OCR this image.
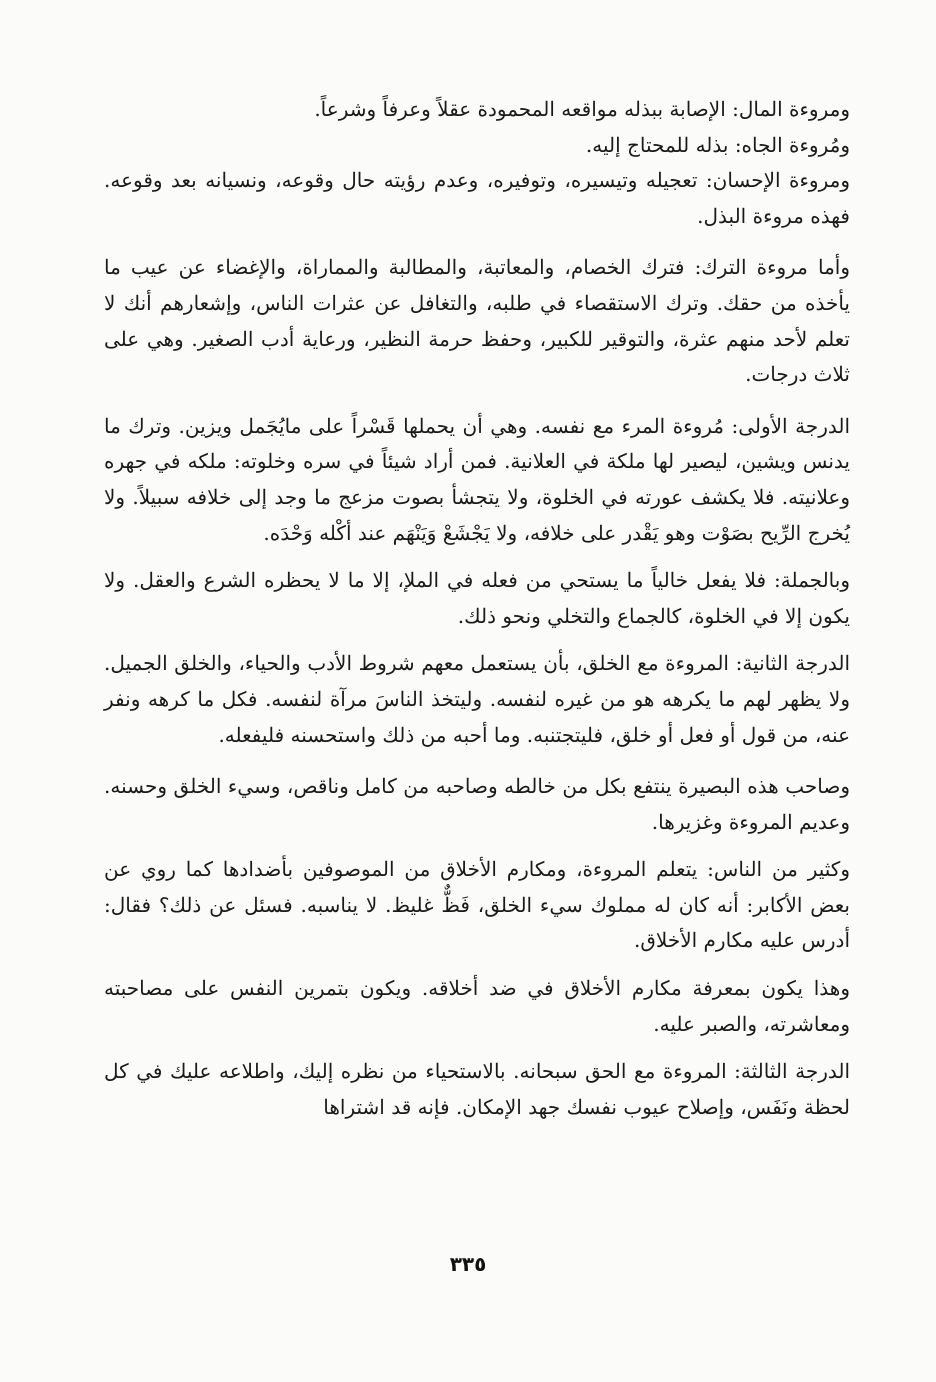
ومروءة المال: الإصابة ببذله مواقعه المحمودة عقلاً وعرفاً وشرعاً.

ومُروءة الجاه: بذله للمحتاج إليه.

ومروءة الإحسان: تعجيله وتيسيره، وتوفيره، وعدم رؤيته حال وقوعه، ونسيانه بعد وقوعه. فهذه مروءة البذل.

وأما مروءة الترك: فترك الخصام، والمعاتبة، والمطالبة والمماراة، والإغضاء عن عيب ما يأخذه من حقك. وترك الاستقصاء في طلبه، والتغافل عن عثرات الناس، وإشعارهم أنك لا تعلم لأحد منهم عثرة، والتوقير للكبير، وحفظ حرمة النظير، ورعاية أدب الصغير. وهي على ثلاث درجات.

الدرجة الأولى: مُروءة المرء مع نفسه. وهي أن يحملها قَسْراً على مايُجَمل ويزين. وترك ما يدنس ويشين، ليصير لها ملكة في العلانية. فمن أراد شيئاً في سره وخلوته: ملكه في جهره وعلانيته. فلا يكشف عورته في الخلوة، ولا يتجشأ بصوت مزعج ما وجد إلى خلافه سبيلاً. ولا يُخرج الرِّيح بصَوْت وهو يَقْدر على خلافه، ولا يَجْشَعْ وَيَنْهَم عند أكْله وَحْدَه.

وبالجملة: فلا يفعل خالياً ما يستحي من فعله في الملإ، إلا ما لا يحظره الشرع والعقل. ولا يكون إلا في الخلوة، كالجماع والتخلي ونحو ذلك.

الدرجة الثانية: المروءة مع الخلق، بأن يستعمل معهم شروط الأدب والحياء، والخلق الجميل. ولا يظهر لهم ما يكرهه هو من غيره لنفسه. وليتخذ الناسَ مرآة لنفسه. فكل ما كرهه ونفر عنه، من قول أو فعل أو خلق، فليتجتنبه. وما أحبه من ذلك واستحسنه فليفعله.

وصاحب هذه البصيرة ينتفع بكل من خالطه وصاحبه من كامل وناقص، وسيء الخلق وحسنه. وعديم المروءة وغزيرها.

وكثير من الناس: يتعلم المروءة، ومكارم الأخلاق من الموصوفين بأضدادها كما روي عن بعض الأكابر: أنه كان له مملوك سيء الخلق، فَظٌّ غليظ. لا يناسبه. فسئل عن ذلك؟ فقال: أدرس عليه مكارم الأخلاق.

وهذا يكون بمعرفة مكارم الأخلاق في ضد أخلاقه. ويكون بتمرين النفس على مصاحبته ومعاشرته، والصبر عليه.

الدرجة الثالثة: المروءة مع الحق سبحانه. بالاستحياء من نظره إليك، واطلاعه عليك في كل لحظة ونَفَس، وإصلاح عيوب نفسك جهد الإمكان. فإنه قد اشتراها

٣٣٥
